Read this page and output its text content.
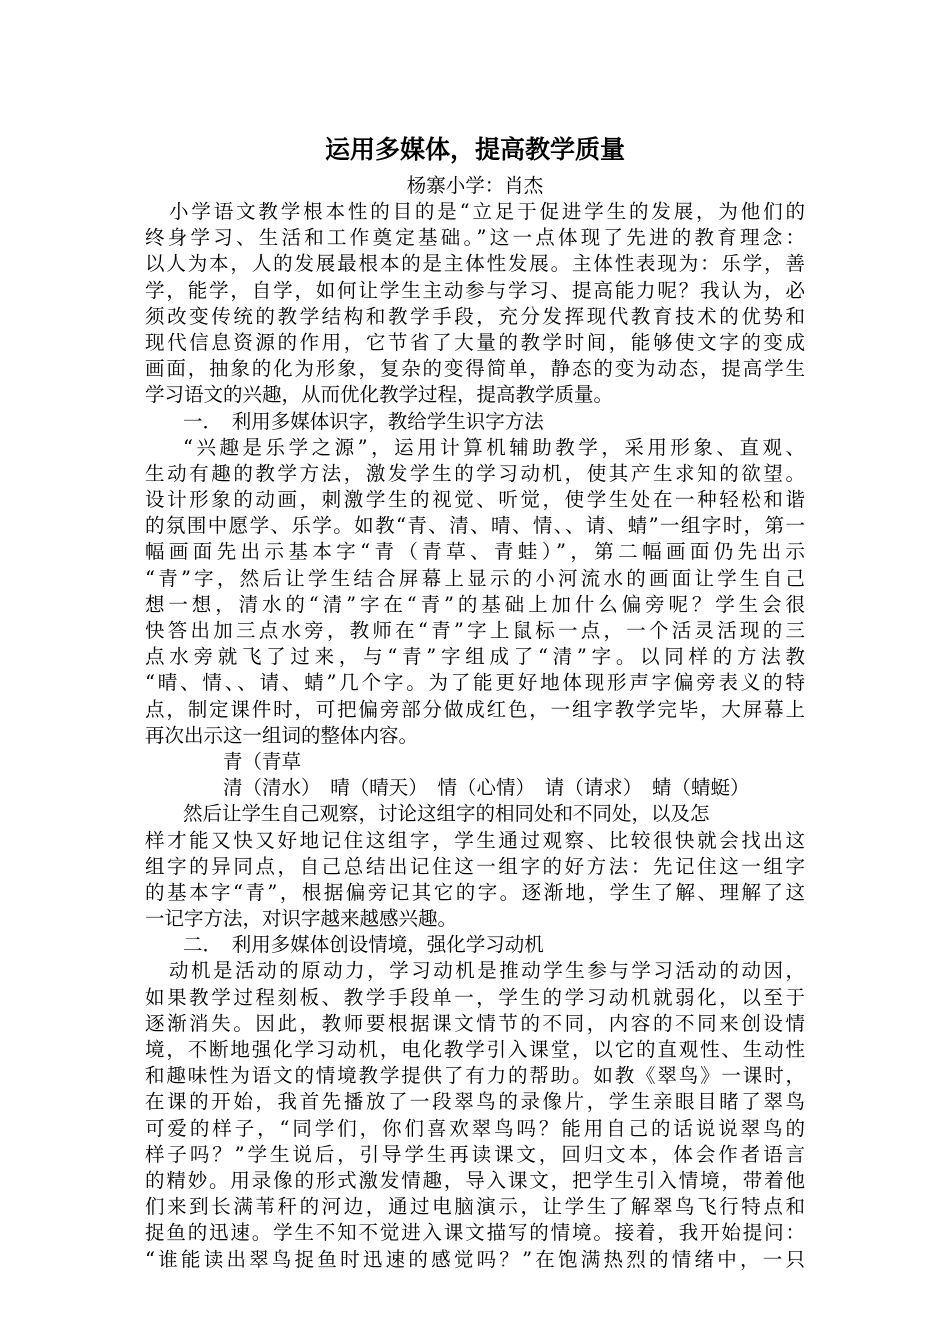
运用多媒体，提高教学质量
杨寨小学：肖杰
小学语文教学根本性的目的是“立足于促进学生的发展，为他们的
终身学习、生活和工作奠定基础。”这一点体现了先进的教育理念：
以人为本，人的发展最根本的是主体性发展。主体性表现为：乐学，善
学，能学，自学，如何让学生主动参与学习、提高能力呢？我认为，必
须改变传统的教学结构和教学手段，充分发挥现代教育技术的优势和
现代信息资源的作用，它节省了大量的教学时间，能够使文字的变成
画面，抽象的化为形象，复杂的变得简单，静态的变为动态，提高学生
学习语文的兴趣，从而优化教学过程，提高教学质量。
一．　利用多媒体识字，教给学生识字方法
“兴趣是乐学之源”，运用计算机辅助教学，采用形象、直观、
生动有趣的教学方法，激发学生的学习动机，使其产生求知的欲望。
设计形象的动画，刺激学生的视觉、听觉，使学生处在一种轻松和谐
的氛围中愿学、乐学。如教“青、清、晴、情、、请、蜻”一组字时，第一
幅画面先出示基本字“青（青草、青蛙）”，第二幅画面仍先出示
“青”字，然后让学生结合屏幕上显示的小河流水的画面让学生自己
想一想，清水的“清”字在“青”的基础上加什么偏旁呢？学生会很
快答出加三点水旁，教师在“青”字上鼠标一点，一个活灵活现的三
点水旁就飞了过来，与“青”字组成了“清”字。以同样的方法教
“晴、情、、请、蜻”几个字。为了能更好地体现形声字偏旁表义的特
点，制定课件时，可把偏旁部分做成红色，一组字教学完毕，大屏幕上
再次出示这一组词的整体内容。
青（青草
清（清水）　晴（晴天）　情（心情）　请（请求）　蜻（蜻蜓）
然后让学生自己观察，讨论这组字的相同处和不同处，以及怎
样才能又快又好地记住这组字，学生通过观察、比较很快就会找出这
组字的异同点，自己总结出记住这一组字的好方法：先记住这一组字
的基本字“青”，根据偏旁记其它的字。逐渐地，学生了解、理解了这
一记字方法，对识字越来越感兴趣。
二．　利用多媒体创设情境，强化学习动机
动机是活动的原动力，学习动机是推动学生参与学习活动的动因，
如果教学过程刻板、教学手段单一，学生的学习动机就弱化，以至于
逐渐消失。因此，教师要根据课文情节的不同，内容的不同来创设情
境，不断地强化学习动机，电化教学引入课堂，以它的直观性、生动性
和趣味性为语文的情境教学提供了有力的帮助。如教《翠鸟》一课时，
在课的开始，我首先播放了一段翠鸟的录像片，学生亲眼目睹了翠鸟
可爱的样子，“同学们，你们喜欢翠鸟吗？能用自己的话说说翠鸟的
样子吗？”学生说后，引导学生再读课文，回归文本，体会作者语言
的精妙。用录像的形式激发情趣，导入课文，把学生引入情境，带着他
们来到长满苇秆的河边，通过电脑演示，让学生了解翠鸟飞行特点和
捉鱼的迅速。学生不知不觉进入课文描写的情境。接着，我开始提问：
“谁能读出翠鸟捉鱼时迅速的感觉吗？”在饱满热烈的情绪中，一只
